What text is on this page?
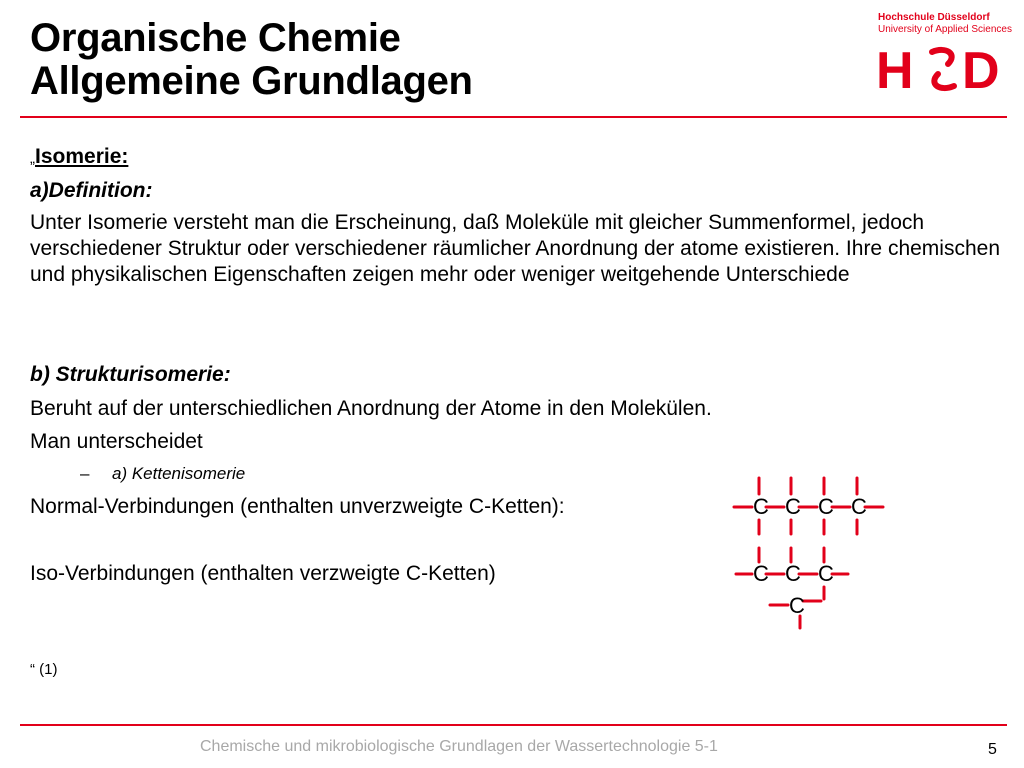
Organische Chemie
Allgemeine Grundlagen
Hochschule Düsseldorf
University of Applied Sciences
H D
„Isomerie:
a)Definition:
Unter Isomerie versteht man die Erscheinung, daß Moleküle mit gleicher Summenformel, jedoch verschiedener Struktur oder verschiedener räumlicher Anordnung der atome existieren. Ihre chemischen und physikalischen Eigenschaften zeigen mehr oder weniger weitgehende Unterschiede
b) Strukturisomerie:
Beruht auf der unterschiedlichen Anordnung der Atome in den Molekülen.
Man unterscheidet
– a) Kettenisomerie
Normal-Verbindungen (enthalten unverzweigte C-Ketten):
Iso-Verbindungen (enthalten verzweigte C-Ketten)
“ (1)
C C C C
C C C
C
Chemische und mikrobiologische Grundlagen der Wassertechnologie 5-1	5
